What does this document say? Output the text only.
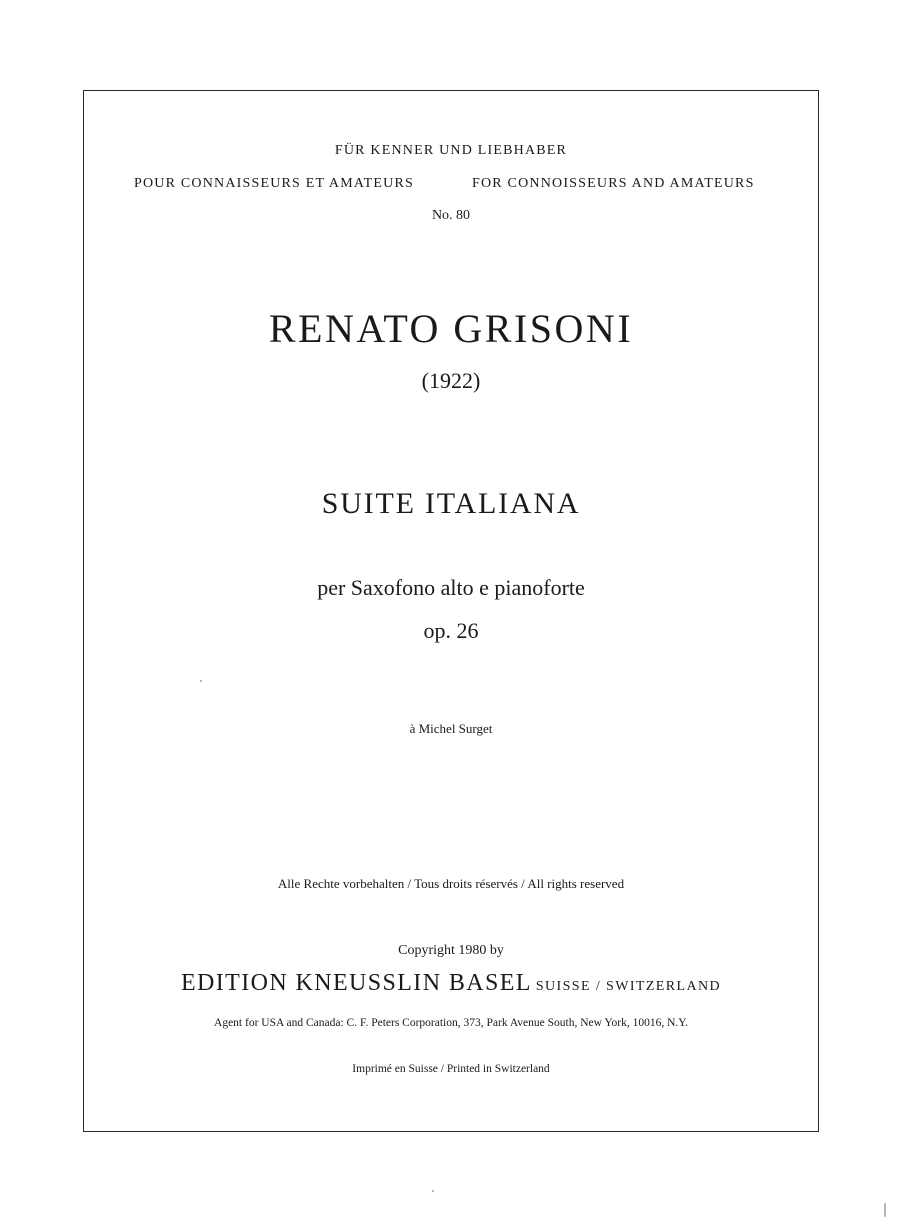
FÜR KENNER UND LIEBHABER
POUR CONNAISSEURS ET AMATEURS	FOR CONNOISSEURS AND AMATEURS
No. 80
RENATO GRISONI
(1922)
SUITE ITALIANA
per Saxofono alto e pianoforte
op. 26
à Michel Surget
Alle Rechte vorbehalten / Tous droits réservés / All rights reserved
Copyright 1980 by
EDITION KNEUSSLIN BASEL SUISSE / SWITZERLAND
Agent for USA and Canada: C. F. Peters Corporation, 373, Park Avenue South, New York, 10016, N.Y.
Imprimé en Suisse / Printed in Switzerland
